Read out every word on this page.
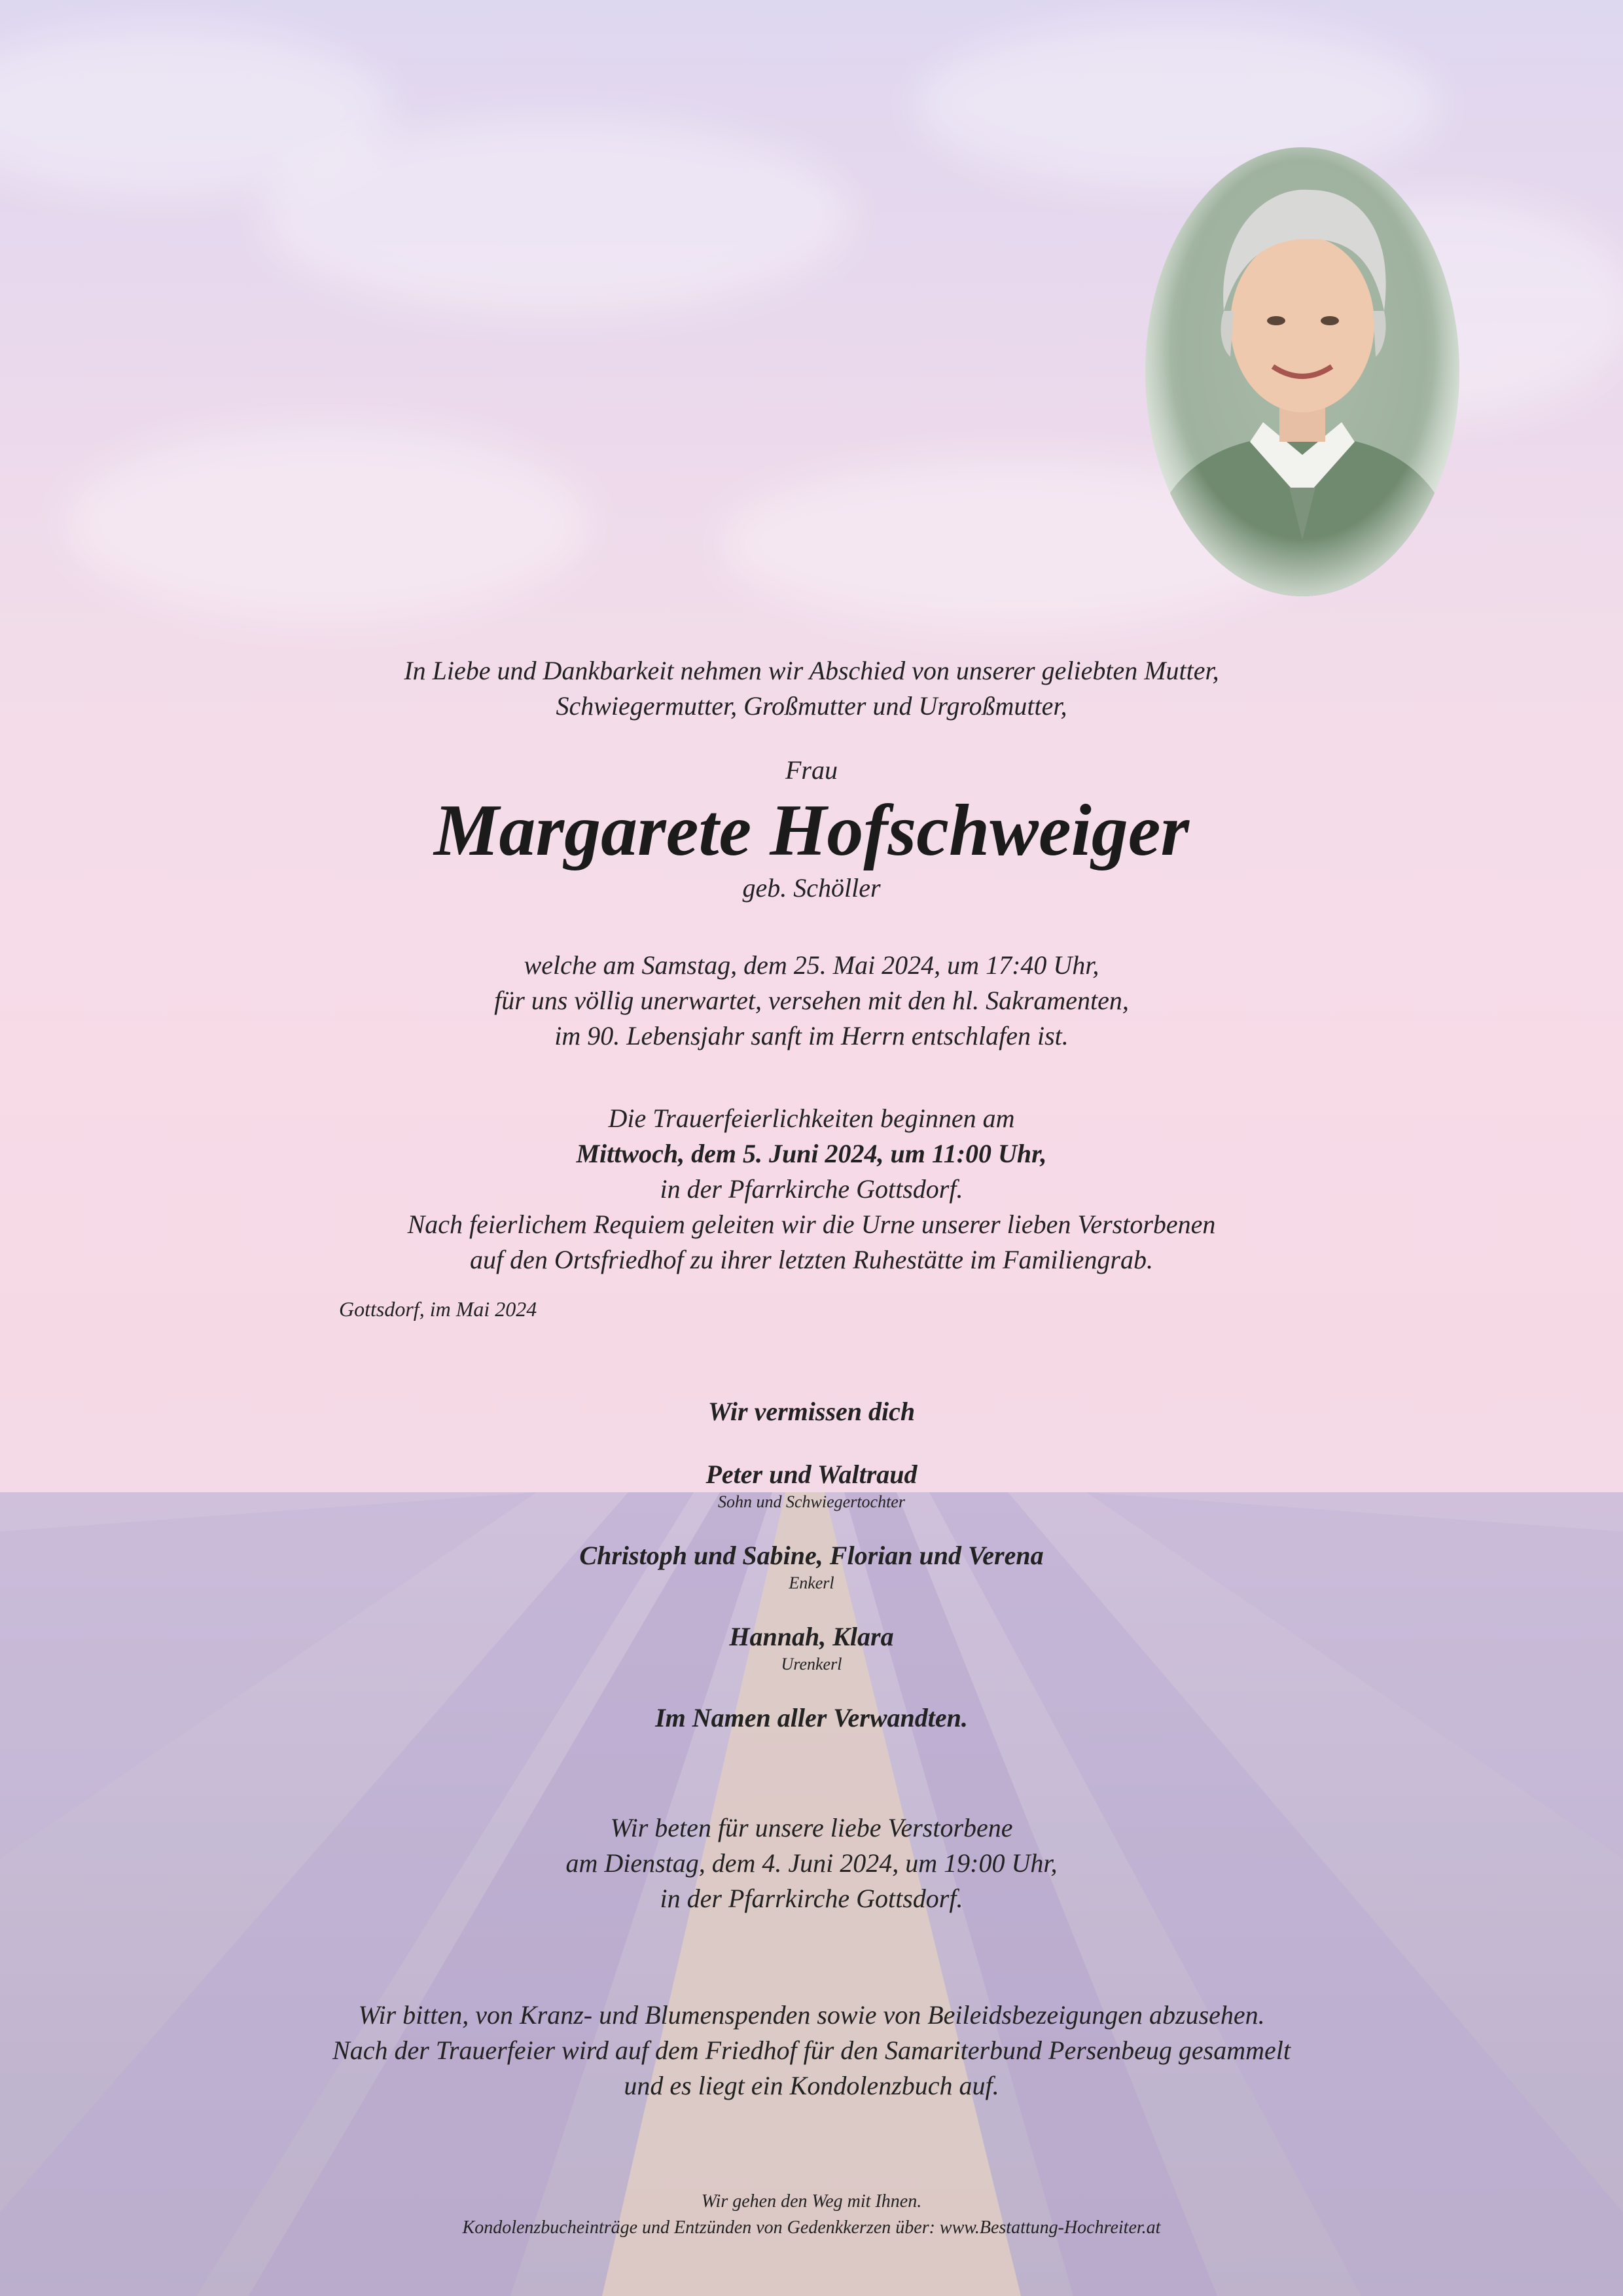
In Liebe und Dankbarkeit nehmen wir Abschied von unserer geliebten Mutter,
Schwiegermutter, Großmutter und Urgroßmutter,
Frau
Margarete Hofschweiger
geb. Schöller
welche am Samstag, dem 25. Mai 2024, um 17:40 Uhr,
für uns völlig unerwartet, versehen mit den hl. Sakramenten,
im 90. Lebensjahr sanft im Herrn entschlafen ist.
Die Trauerfeierlichkeiten beginnen am
Mittwoch, dem 5. Juni 2024, um 11:00 Uhr,
in der Pfarrkirche Gottsdorf.
Nach feierlichem Requiem geleiten wir die Urne unserer lieben Verstorbenen
auf den Ortsfriedhof zu ihrer letzten Ruhestätte im Familiengrab.
Gottsdorf, im Mai 2024
Wir vermissen dich
Peter und Waltraud
Sohn und Schwiegertochter
Christoph und Sabine, Florian und Verena
Enkerl
Hannah, Klara
Urenkerl
Im Namen aller Verwandten.
Wir beten für unsere liebe Verstorbene
am Dienstag, dem 4. Juni 2024, um 19:00 Uhr,
in der Pfarrkirche Gottsdorf.
Wir bitten, von Kranz- und Blumenspenden sowie von Beileidsbezeigungen abzusehen.
Nach der Trauerfeier wird auf dem Friedhof für den Samariterbund Persenbeug gesammelt
und es liegt ein Kondolenzbuch auf.
Wir gehen den Weg mit Ihnen.
Kondolenzbucheinträge und Entzünden von Gedenkkerzen über: www.Bestattung-Hochreiter.at
